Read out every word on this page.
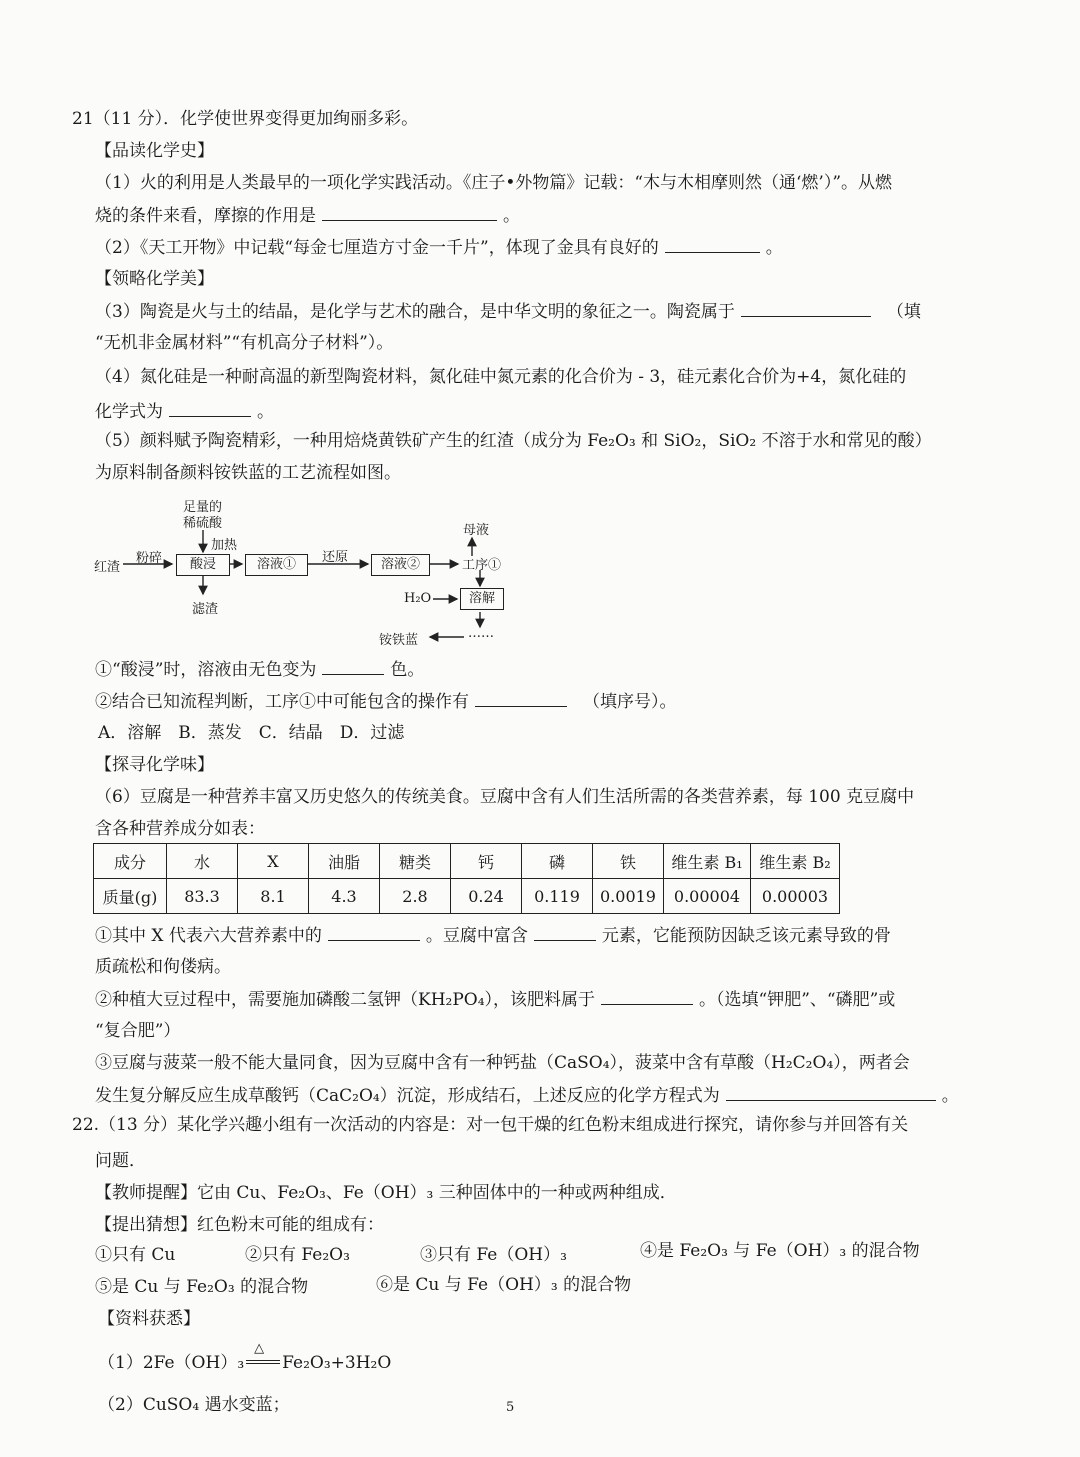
21（11 分）．化学使世界变得更加绚丽多彩。
【品读化学史】
（1）火的利用是人类最早的一项化学实践活动。《庄子•外物篇》记载：“木与木相摩则然（通‘燃’）”。从燃
烧的条件来看，摩擦的作用是	。
（2）《天工开物》中记载“每金七厘造方寸金一千片”，体现了金具有良好的	。
【领略化学美】
（3）陶瓷是火与土的结晶，是化学与艺术的融合，是中华文明的象征之一。陶瓷属于	（填
“无机非金属材料”“有机高分子材料”）。
（4）氮化硅是一种耐高温的新型陶瓷材料，氮化硅中氮元素的化合价为 - 3，硅元素化合价为+4，氮化硅的
化学式为	。
（5）颜料赋予陶瓷精彩，一种用焙烧黄铁矿产生的红渣（成分为 Fe₂O₃ 和 SiO₂，SiO₂ 不溶于水和常见的酸）
为原料制备颜料铵铁蓝的工艺流程如图。
足量的
稀硫酸
加热
红渣
粉碎	酸浸	溶液①	还原	溶液②
母液
工序①
滤渣
H₂O	溶解
铵铁蓝	……
①“酸浸”时，溶液由无色变为	色。
②结合已知流程判断，工序①中可能包含的操作有	（填序号）。
A．溶解　B．蒸发　C．结晶　D．过滤
【探寻化学味】
（6）豆腐是一种营养丰富又历史悠久的传统美食。豆腐中含有人们生活所需的各类营养素，每 100 克豆腐中
含各种营养成分如表：
成分	水	X	油脂	糖类	钙	磷	铁	维生素 B₁	维生素 B₂
质量(g)	83.3	8.1	4.3	2.8	0.24	0.119	0.0019	0.00004	0.00003
①其中 X 代表六大营养素中的	。豆腐中富含	元素，它能预防因缺乏该元素导致的骨
质疏松和佝偻病。
②种植大豆过程中，需要施加磷酸二氢钾（KH₂PO₄），该肥料属于	。（选填“钾肥”、“磷肥”或
“复合肥”）
③豆腐与菠菜一般不能大量同食，因为豆腐中含有一种钙盐（CaSO₄），菠菜中含有草酸（H₂C₂O₄），两者会
发生复分解反应生成草酸钙（CaC₂O₄）沉淀，形成结石，上述反应的化学方程式为	。
22.（13 分）某化学兴趣小组有一次活动的内容是：对一包干燥的红色粉末组成进行探究，请你参与并回答有关
问题．
【教师提醒】它由 Cu、Fe₂O₃、Fe（OH）₃ 三种固体中的一种或两种组成．
【提出猜想】红色粉末可能的组成有：
①只有 Cu	②只有 Fe₂O₃	③只有 Fe（OH）₃	④是 Fe₂O₃ 与 Fe（OH）₃ 的混合物
⑤是 Cu 与 Fe₂O₃ 的混合物	⑥是 Cu 与 Fe（OH）₃ 的混合物
【资料获悉】
（1）2Fe（OH）₃
△
Fe₂O₃+3H₂O
（2）CuSO₄ 遇水变蓝；	5
